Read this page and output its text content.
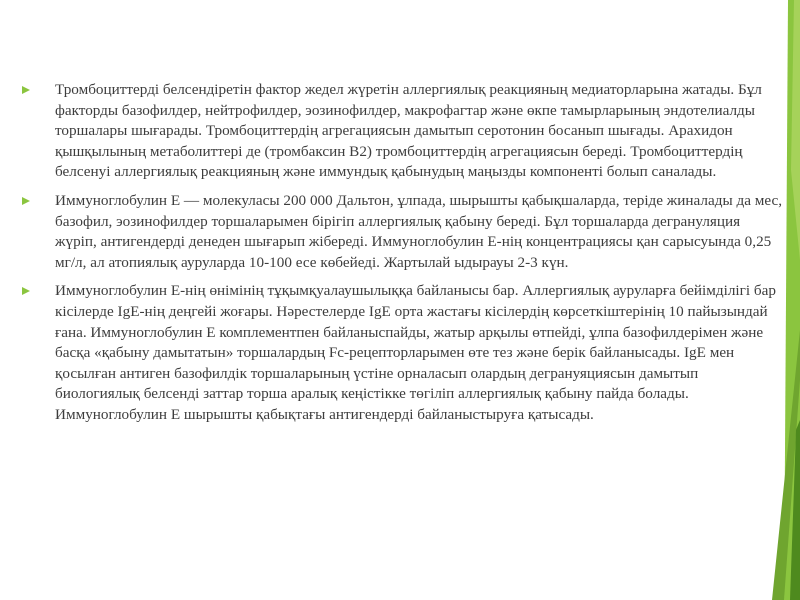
Тромбоциттерді белсендіретін фактор жедел жүретін аллергиялық реакцияның медиаторларына жатады. Бұл факторды базофилдер, нейтрофилдер, эозинофилдер, макрофагтар және өкпе тамырларының эндотелиалды торшалары шығарады. Тромбоциттердің агрегациясын дамытып серотонин босанып шығады. Арахидон қышқылының метаболиттері де (тромбаксин В2) тромбоциттердің агрегациясын береді. Тромбоциттердің белсенуі аллергиялық реакцияның және иммундық қабынудың маңызды компоненті болып саналады.
Иммуноглобулин Е — молекуласы 200 000 Дальтон, ұлпада, шырышты қабықшаларда, теріде жиналады да мес, базофил, эозинофилдер торшаларымен бірігіп аллергиялық қабыну береді. Бұл торшаларда дегрануляция жүріп, антигендерді денеден шығарып жібереді. Иммуноглобулин Е-нің концентрациясы қан сарысуында 0,25 мг/л, ал атопиялық ауруларда 10-100 есе көбейеді. Жартылай ыдырауы 2-3 күн.
Иммуноглобулин Е-нің өнімінің тұқымқуалаушылыққа байланысы бар. Аллергиялық ауруларға бейімділігі бар кісілерде IgE-нің деңгейі жоғары. Нәрестелерде IgE орта жастағы кісілердің көрсеткіштерінің 10 пайызындай ғана. Иммуноглобулин Е комплементпен байланыспайды, жатыр арқылы өтпейді, ұлпа базофилдерімен және басқа «қабыну дамытатын» торшалардың Fc-рецепторларымен өте тез және берік байланысады. IgE мен қосылған антиген базофилдік торшаларының үстіне орналасып олардың дегрануяциясын дамытып биологиялық белсенді заттар торша аралық кеңістікке төгіліп аллергиялық қабыну пайда болады. Иммуноглобулин Е шырышты қабықтағы антигендерді байланыстыруға қатысады.
